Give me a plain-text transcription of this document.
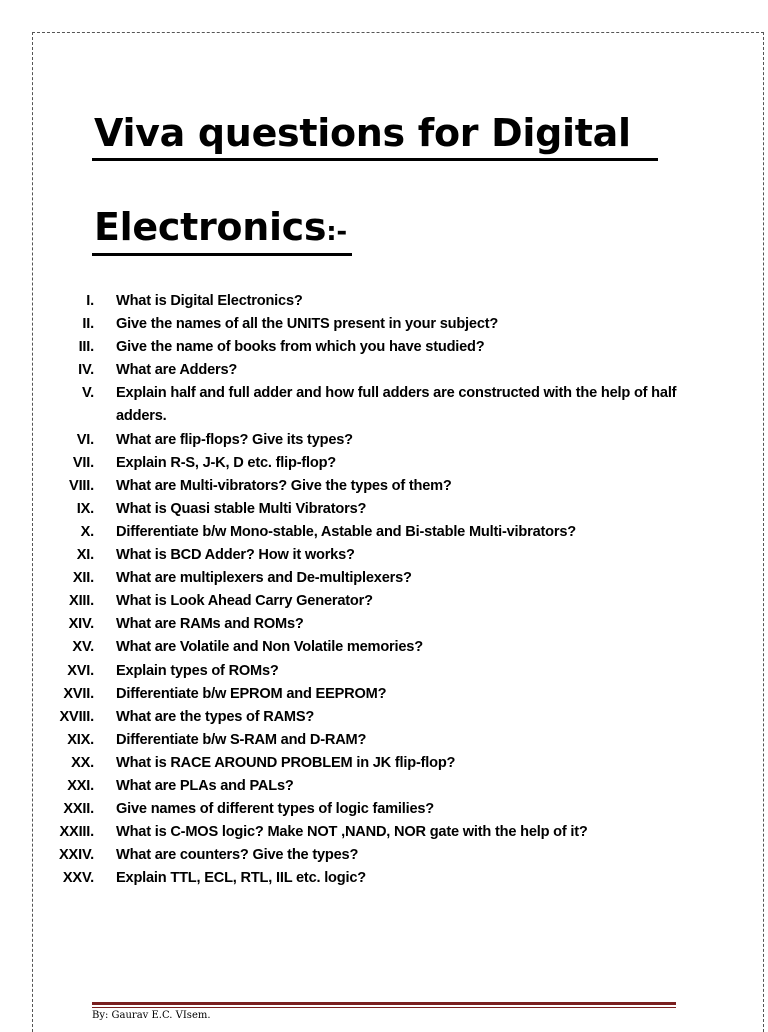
Viva questions for Digital
Electronics:-
I. What is Digital Electronics?
II. Give the names of all the UNITS present in your subject?
III. Give the name of books from which you have studied?
IV. What are Adders?
V. Explain half and full adder and how full adders are constructed with the help of half adders.
VI. What are flip-flops? Give its types?
VII. Explain R-S, J-K, D etc. flip-flop?
VIII. What are Multi-vibrators? Give the types of them?
IX. What is Quasi stable Multi Vibrators?
X. Differentiate b/w Mono-stable, Astable and Bi-stable Multi-vibrators?
XI. What is BCD Adder? How it works?
XII. What are multiplexers and De-multiplexers?
XIII. What is Look Ahead Carry Generator?
XIV. What are RAMs and ROMs?
XV. What are Volatile and Non Volatile memories?
XVI. Explain types of ROMs?
XVII. Differentiate b/w EPROM and EEPROM?
XVIII. What are the types of RAMS?
XIX. Differentiate b/w S-RAM and D-RAM?
XX. What is RACE AROUND PROBLEM in JK flip-flop?
XXI. What are PLAs and PALs?
XXII. Give names of different types of logic families?
XXIII. What is C-MOS logic? Make NOT ,NAND, NOR gate with the help of it?
XXIV. What are counters? Give the types?
XXV. Explain TTL, ECL, RTL, IIL etc. logic?
By: Gaurav E.C. VIsem.
